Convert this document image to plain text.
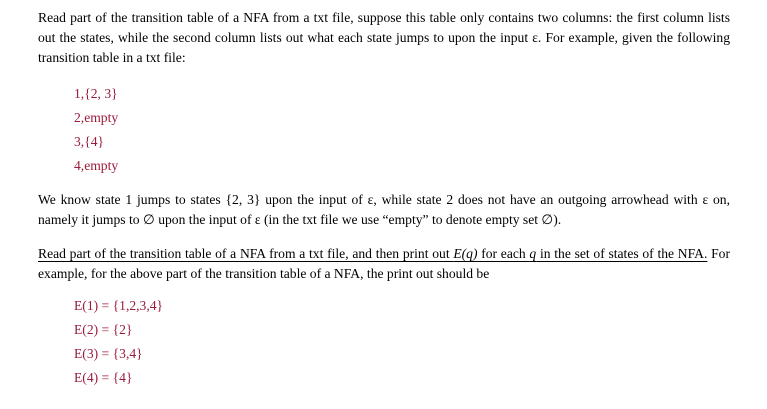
Read part of the transition table of a NFA from a txt file, suppose this table only contains two columns: the first column lists out the states, while the second column lists out what each state jumps to upon the input ε. For example, given the following transition table in a txt file:

1,{2, 3}

2,empty

3,{4}

4,empty

We know state 1 jumps to states {2, 3} upon the input of ε, while state 2 does not have an outgoing arrowhead with ε on, namely it jumps to ∅ upon the input of ε (in the txt file we use “empty” to denote empty set ∅).

Read part of the transition table of a NFA from a txt file, and then print out E(q) for each q in the set of states of the NFA. For example, for the above part of the transition table of a NFA, the print out should be

E(1) = {1,2,3,4}

E(2) = {2}

E(3) = {3,4}

E(4) = {4}
